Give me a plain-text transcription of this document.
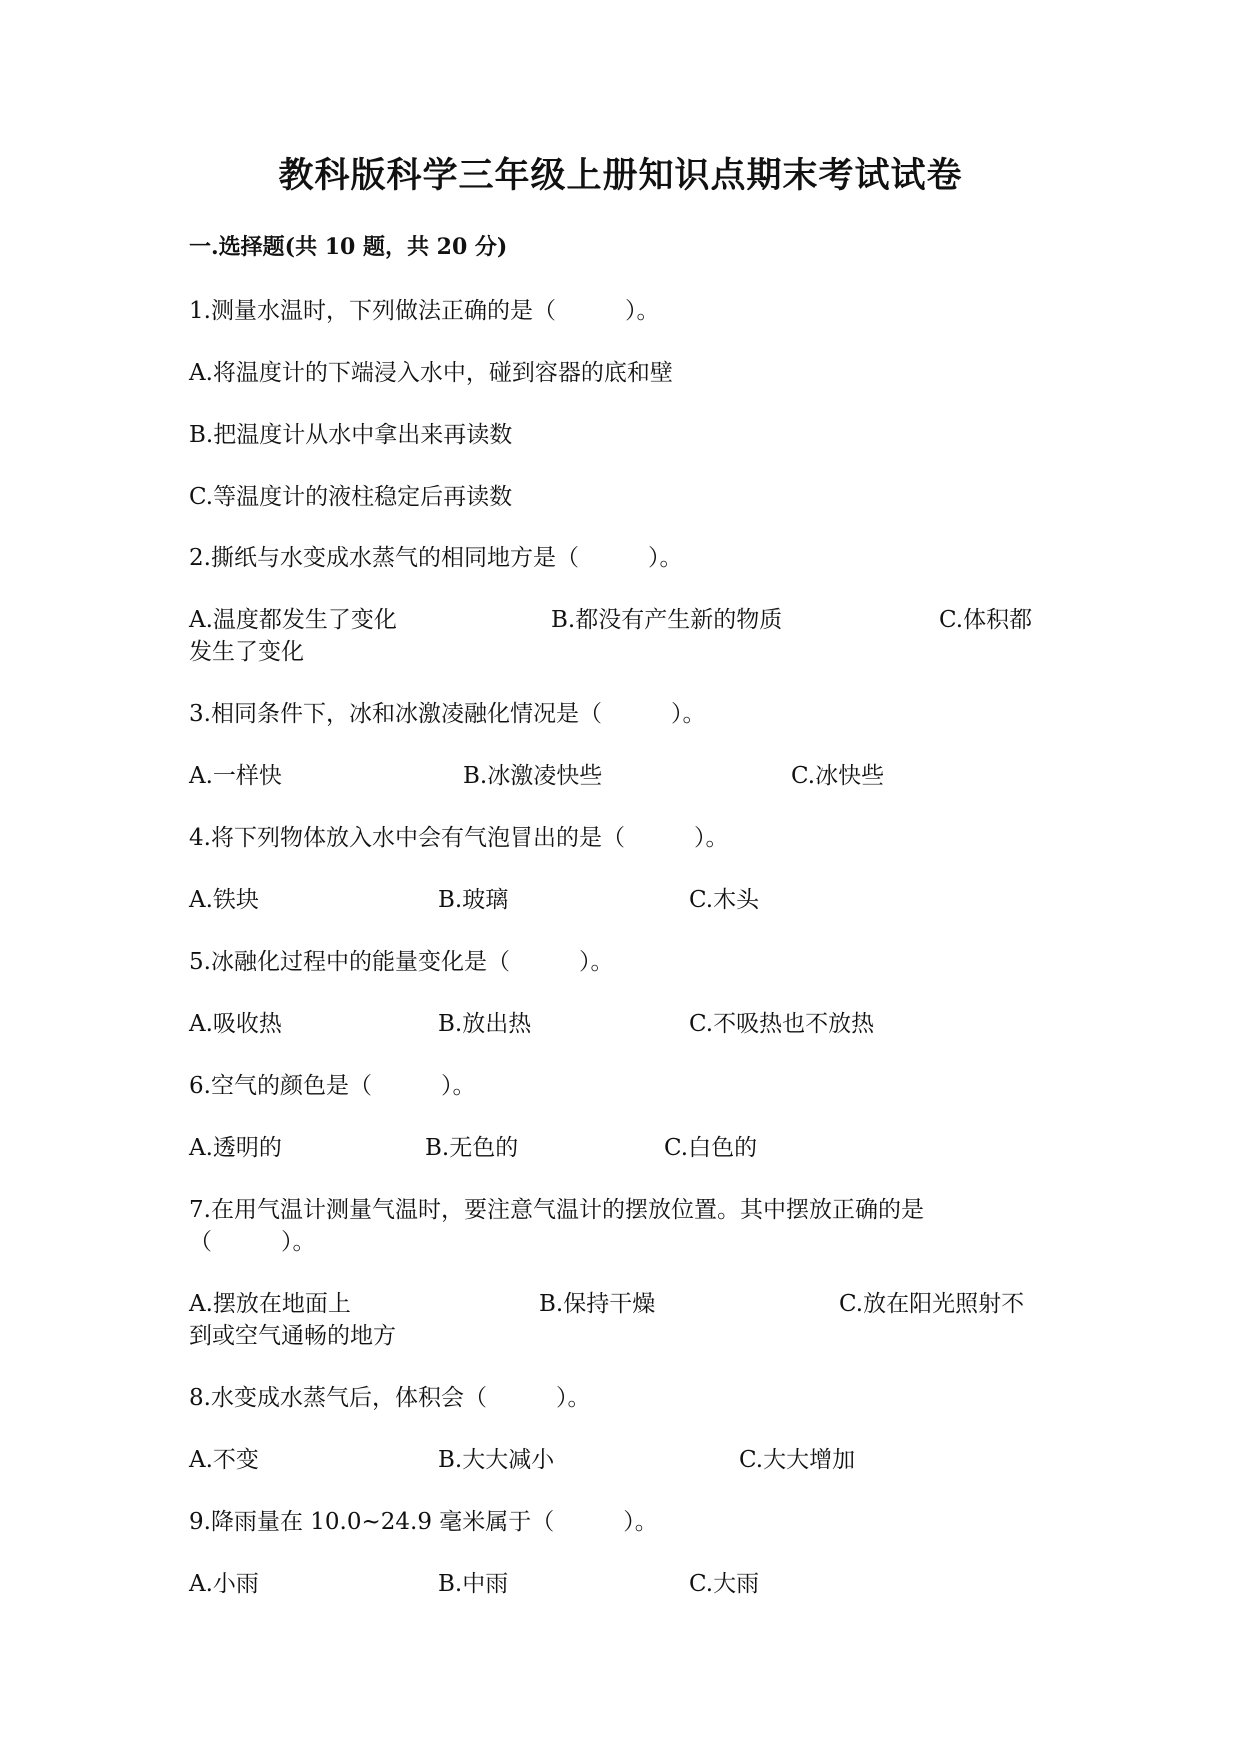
教科版科学三年级上册知识点期末考试试卷
一.选择题(共 10 题，共 20 分)
1.测量水温时，下列做法正确的是（　　　）。
A.将温度计的下端浸入水中，碰到容器的底和壁
B.把温度计从水中拿出来再读数
C.等温度计的液柱稳定后再读数
2.撕纸与水变成水蒸气的相同地方是（　　　）。
A.温度都发生了变化	B.都没有产生新的物质	C.体积都
发生了变化
3.相同条件下，冰和冰激凌融化情况是（　　　）。
A.一样快	B.冰激凌快些	C.冰快些
4.将下列物体放入水中会有气泡冒出的是（　　　）。
A.铁块	B.玻璃	C.木头
5.冰融化过程中的能量变化是（　　　）。
A.吸收热	B.放出热	C.不吸热也不放热
6.空气的颜色是（　　　）。
A.透明的	B.无色的	C.白色的
7.在用气温计测量气温时，要注意气温计的摆放位置。其中摆放正确的是
（　　　）。
A.摆放在地面上	B.保持干燥	C.放在阳光照射不
到或空气通畅的地方
8.水变成水蒸气后，体积会（　　　）。
A.不变	B.大大减小	C.大大增加
9.降雨量在 10.0~24.9 毫米属于（　　　）。
A.小雨	B.中雨	C.大雨
